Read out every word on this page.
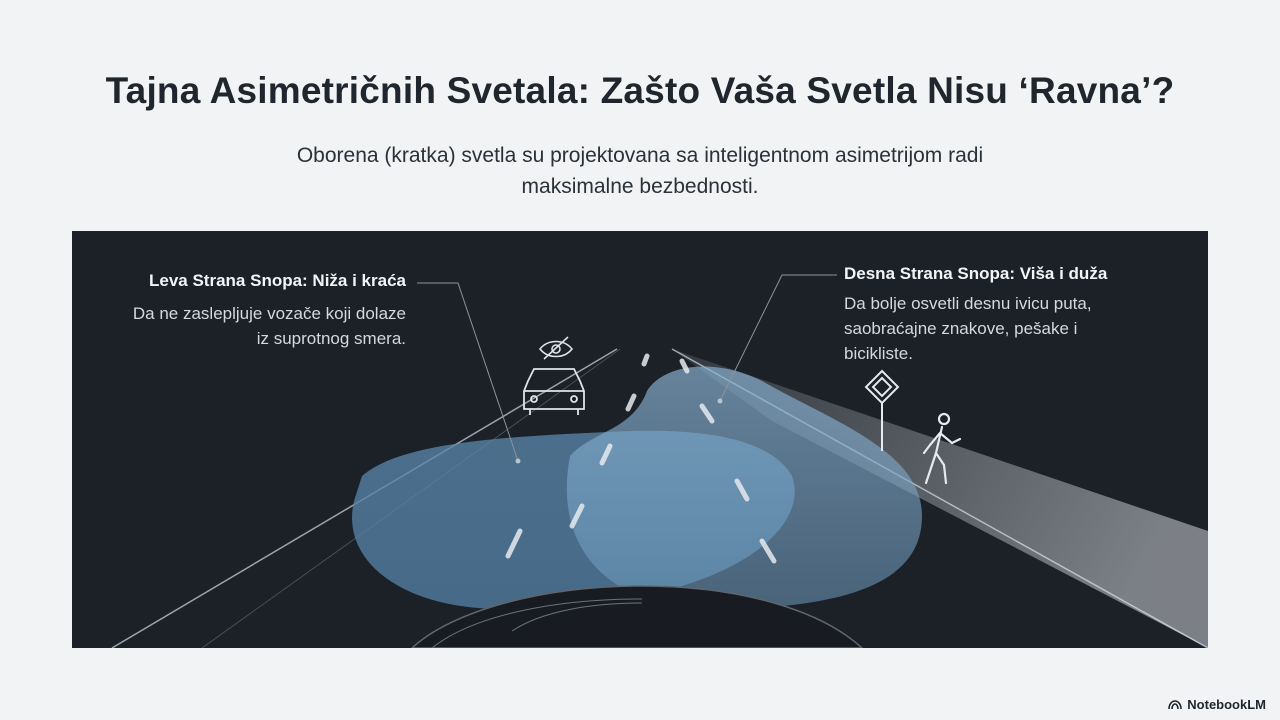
Tajna Asimetričnih Svetala: Zašto Vaša Svetla Nisu ‘Ravna’?
Oborena (kratka) svetla su projektovana sa inteligentnom asimetrijom radi maksimalne bezbednosti.
Leva Strana Snopa: Niža i kraća
Da ne zaslepljuje vozače koji dolaze iz suprotnog smera.
Desna Strana Snopa: Viša i duža
Da bolje osvetli desnu ivicu puta, saobraćajne znakove, pešake i bicikliste.
NotebookLM
